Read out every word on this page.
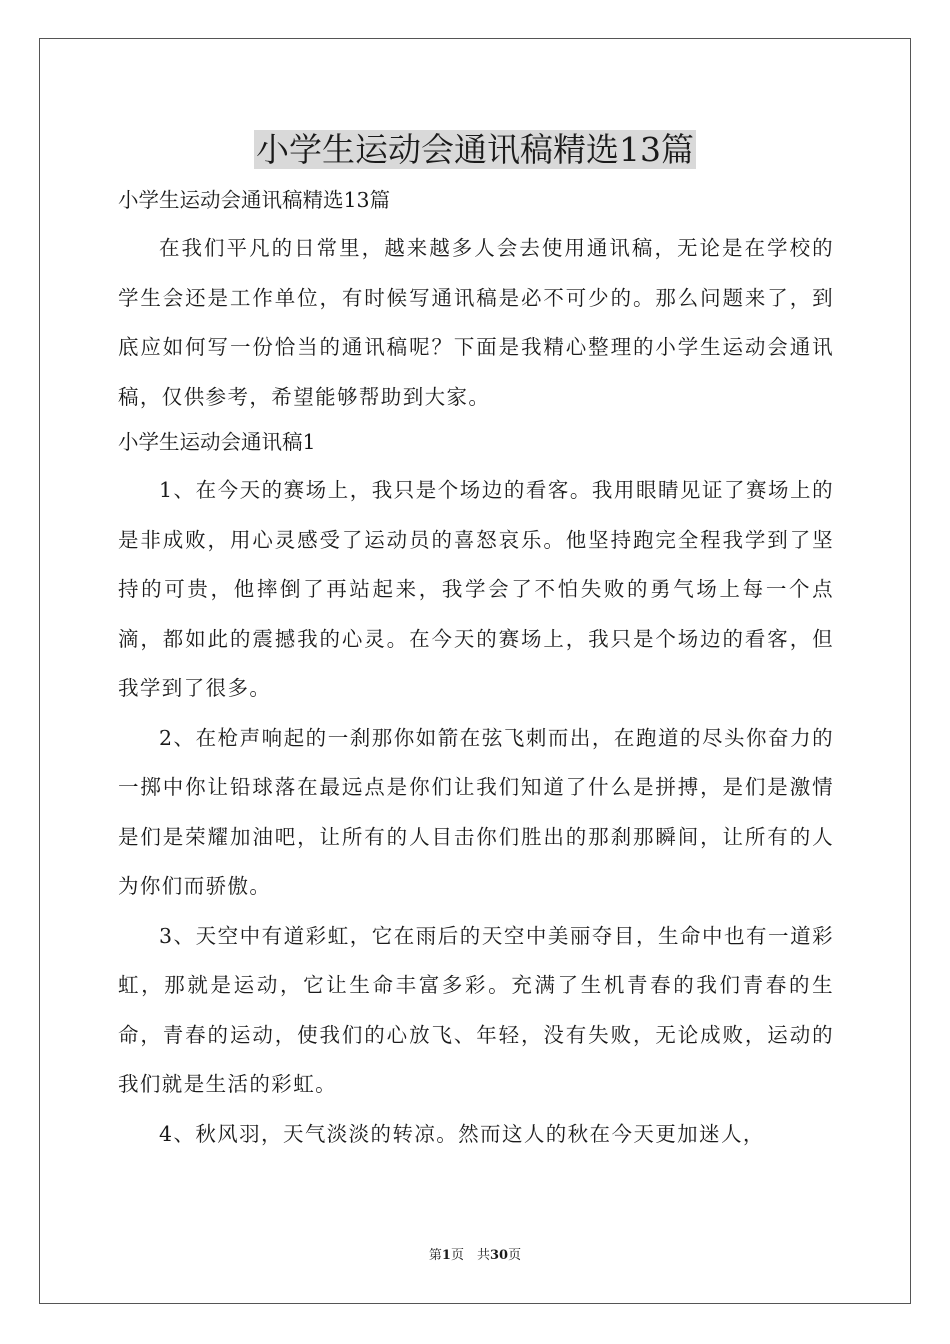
小学生运动会通讯稿精选13篇

小学生运动会通讯稿精选13篇

在我们平凡的日常里，越来越多人会去使用通讯稿，无论是在学校的学生会还是工作单位，有时候写通讯稿是必不可少的。那么问题来了，到底应如何写一份恰当的通讯稿呢？下面是我精心整理的小学生运动会通讯稿，仅供参考，希望能够帮助到大家。

小学生运动会通讯稿1

1、在今天的赛场上，我只是个场边的看客。我用眼睛见证了赛场上的是非成败，用心灵感受了运动员的喜怒哀乐。他坚持跑完全程我学到了坚持的可贵，他摔倒了再站起来，我学会了不怕失败的勇气场上每一个点滴，都如此的震撼我的心灵。在今天的赛场上，我只是个场边的看客，但我学到了很多。

2、在枪声响起的一刹那你如箭在弦飞刺而出，在跑道的尽头你奋力的一掷中你让铅球落在最远点是你们让我们知道了什么是拼搏，是们是激情是们是荣耀加油吧，让所有的人目击你们胜出的那刹那瞬间，让所有的人为你们而骄傲。

3、天空中有道彩虹，它在雨后的天空中美丽夺目，生命中也有一道彩虹，那就是运动，它让生命丰富多彩。充满了生机青春的我们青春的生命，青春的运动，使我们的心放飞、年轻，没有失败，无论成败，运动的我们就是生活的彩虹。

4、秋风羽，天气淡淡的转凉。然而这人的秋在今天更加迷人，

第1页　共30页
